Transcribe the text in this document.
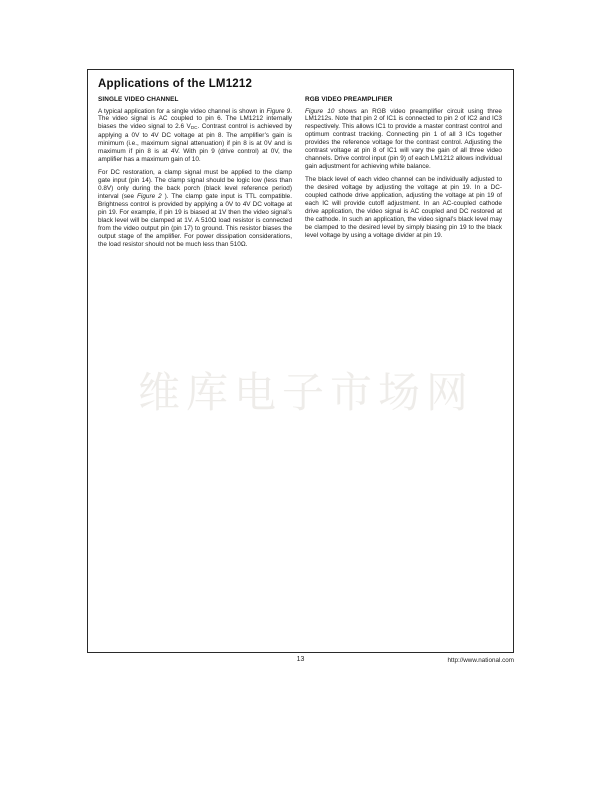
维库电子市场网
Applications of the LM1212
SINGLE VIDEO CHANNEL

A typical application for a single video channel is shown in Figure 9. The video signal is AC coupled to pin 6. The LM1212 internally biases the video signal to 2.6 $V_{DC}$. Contrast control is achieved by applying a 0V to 4V DC voltage at pin 8. The amplifier’s gain is minimum (i.e., maximum signal attenuation) if pin 8 is at 0V and is maximum if pin 8 is at 4V. With pin 9 (drive control) at 0V, the amplifier has a maximum gain of 10.

For DC restoration, a clamp signal must be applied to the clamp gate input (pin 14). The clamp signal should be logic low (less than 0.8V) only during the back porch (black level reference period) interval (see Figure 2 ). The clamp gate input is TTL compatible. Brightness control is provided by applying a 0V to 4V DC voltage at pin 19. For example, if pin 19 is biased at 1V then the video signal’s black level will be clamped at 1V. A 510Ω load resistor is connected from the video output pin (pin 17) to ground. This resistor biases the output stage of the amplifier. For power dissipation considerations, the load resistor should not be much less than 510Ω.

RGB VIDEO PREAMPLIFIER

Figure 10 shows an RGB video preamplifier circuit using three LM1212s. Note that pin 2 of IC1 is connected to pin 2 of IC2 and IC3 respectively. This allows IC1 to provide a master contrast control and optimum contrast tracking. Connecting pin 1 of all 3 ICs together provides the reference voltage for the contrast control. Adjusting the contrast voltage at pin 8 of IC1 will vary the gain of all three video channels. Drive control input (pin 9) of each LM1212 allows individual gain adjustment for achieving white balance.

The black level of each video channel can be individually adjusted to the desired voltage by adjusting the voltage at pin 19. In a DC-coupled cathode drive application, adjusting the voltage at pin 19 of each IC will provide cutoff adjustment. In an AC-coupled cathode drive application, the video signal is AC coupled and DC restored at the cathode. In such an application, the video signal’s black level may be clamped to the desired level by simply biasing pin 19 to the black level voltage by using a voltage divider at pin 19.

13	http://www.national.com
